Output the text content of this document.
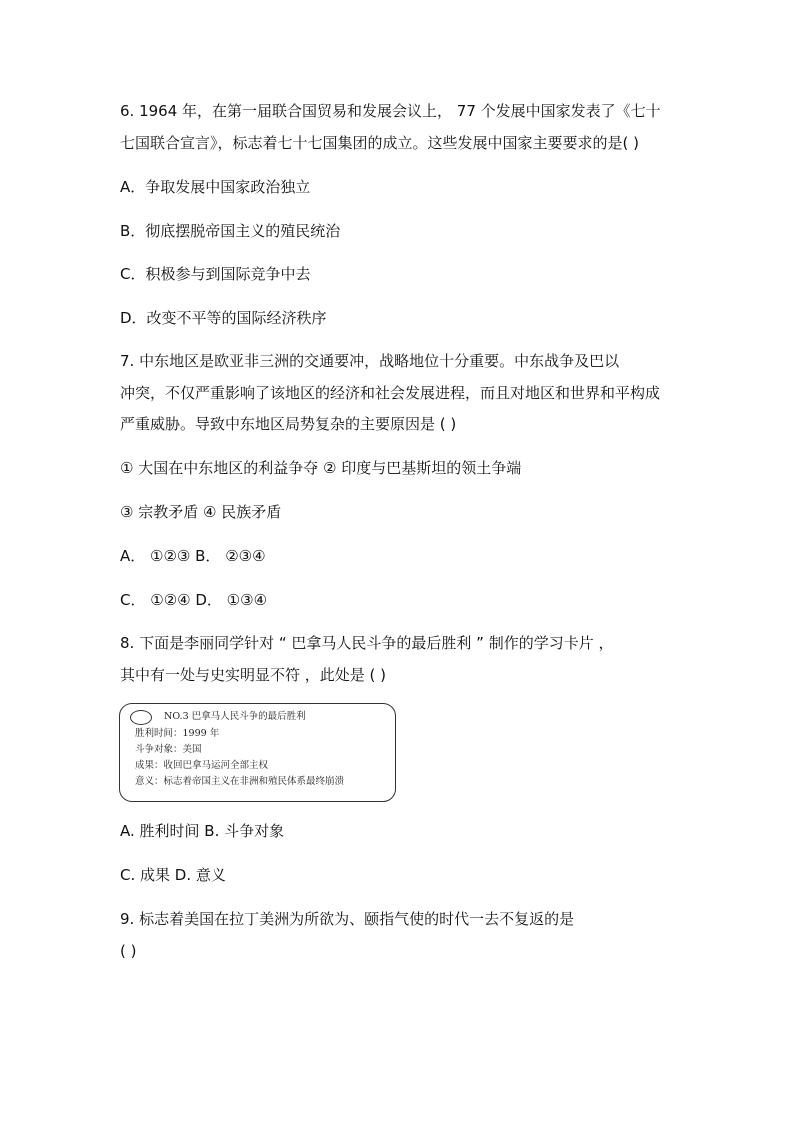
6. 1964 年，在第一届联合国贸易和发展会议上， 77 个发展中国家发表了《七十
七国联合宣言》，标志着七十七国集团的成立。这些发展中国家主要要求的是( )
A．争取发展中国家政治独立
B．彻底摆脱帝国主义的殖民统治
C．积极参与到国际竞争中去
D．改变不平等的国际经济秩序
7. 中东地区是欧亚非三洲的交通要冲，战略地位十分重要。中东战争及巴以
冲突，不仅严重影响了该地区的经济和社会发展进程，而且对地区和世界和平构成
严重威胁。导致中东地区局势复杂的主要原因是 ( )
① 大国在中东地区的利益争夺 ② 印度与巴基斯坦的领土争端
③ 宗教矛盾 ④ 民族矛盾
A． ①②③ B． ②③④
C． ①②④ D． ①③④
8. 下面是李丽同学针对 “ 巴拿马人民斗争的最后胜利 ” 制作的学习卡片 ，
其中有一处与史实明显不符 ，此处是 ( )
NO.3 巴拿马人民斗争的最后胜利
胜利时间：1999 年
斗争对象：美国
成果：收回巴拿马运河全部主权
意义：标志着帝国主义在非洲和殖民体系最终崩溃
A. 胜利时间 B. 斗争对象
C. 成果 D. 意义
9. 标志着美国在拉丁美洲为所欲为、颐指气使的时代一去不复返的是
( )
